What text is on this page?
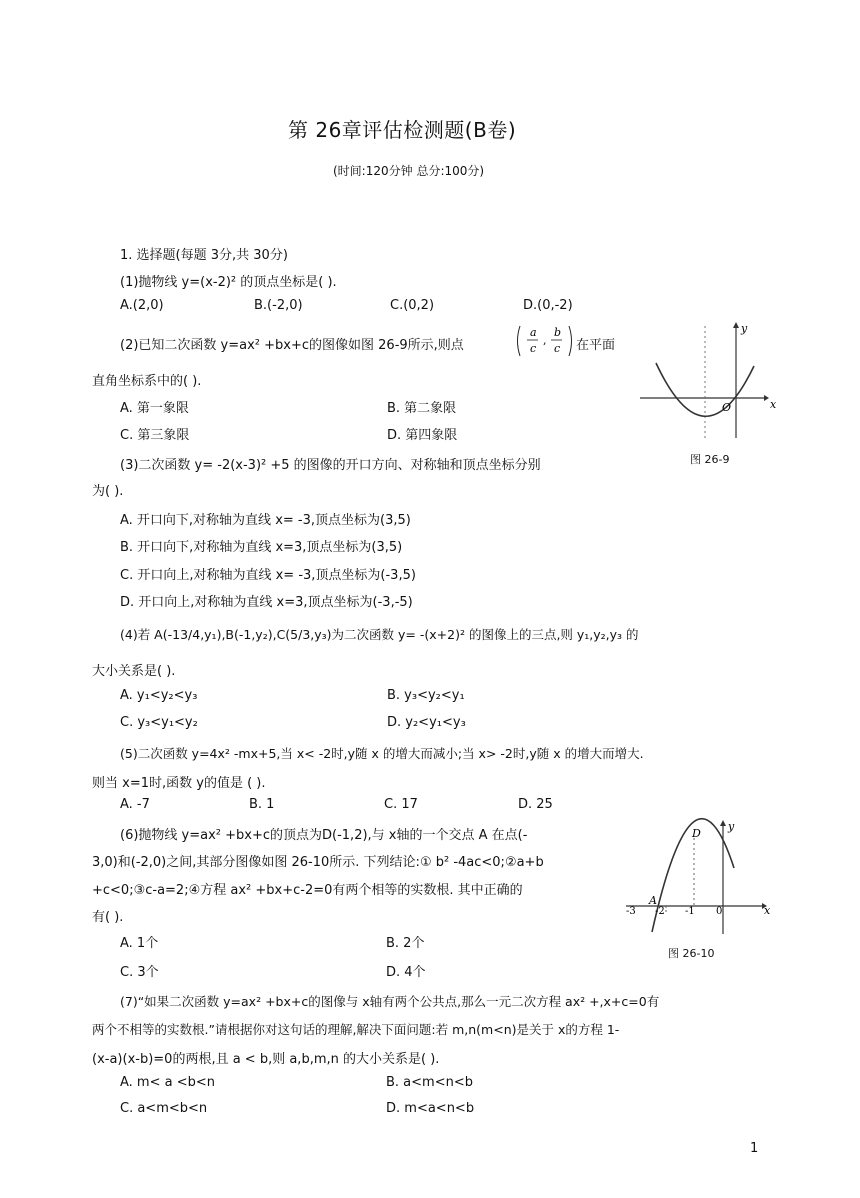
第 26章评估检测题(B卷)
(时间:120分钟 总分:100分)
1. 选择题(每题 3分,共 30分)
(1)抛物线 y=(x-2)² 的顶点坐标是( ).
A.(2,0)	B.(-2,0)	C.(0,2)	D.(0,-2)
(2)已知二次函数 y=ax² +bx+c的图像如图 26-9所示,则点
a
c
,
b
c 在平面
直角坐标系中的( ).
A. 第一象限	B. 第二象限
C. 第三象限	D. 第四象限
x
y
O
图 26-9
(3)二次函数 y= -2(x-3)² +5 的图像的开口方向、对称轴和顶点坐标分别
为( ).
A. 开口向下,对称轴为直线 x= -3,顶点坐标为(3,5)
B. 开口向下,对称轴为直线 x=3,顶点坐标为(3,5)
C. 开口向上,对称轴为直线 x= -3,顶点坐标为(-3,5)
D. 开口向上,对称轴为直线 x=3,顶点坐标为(-3,-5)
(4)若 A(-13/4,y₁),B(-1,y₂),C(5/3,y₃)为二次函数 y= -(x+2)² 的图像上的三点,则 y₁,y₂,y₃ 的
大小关系是( ).
A. y₁<y₂<y₃	B. y₃<y₂<y₁
C. y₃<y₁<y₂	D. y₂<y₁<y₃
(5)二次函数 y=4x² -mx+5,当 x< -2时,y随 x 的增大而减小;当 x> -2时,y随 x 的增大而增大.
则当 x=1时,函数 y的值是 ( ).
A. -7	B. 1	C. 17	D. 25
(6)抛物线 y=ax² +bx+c的顶点为D(-1,2),与 x轴的一个交点 A 在点(-
3,0)和(-2,0)之间,其部分图像如图 26-10所示. 下列结论:① b² -4ac<0;②a+b
+c<0;③c-a=2;④方程 ax² +bx+c-2=0有两个相等的实数根. 其中正确的
有( ).
A. 1个	B. 2个
C. 3个	D. 4个
D
A
x
y
-3 -2 -1 0
图 26-10
(7)“如果二次函数 y=ax² +bx+c的图像与 x轴有两个公共点,那么一元二次方程 ax² +,x+c=0有
两个不相等的实数根.”请根据你对这句话的理解,解决下面问题:若 m,n(m<n)是关于 x的方程 1-
(x-a)(x-b)=0的两根,且 a < b,则 a,b,m,n 的大小关系是( ).
A. m< a <b<n	B. a<m<n<b
C. a<m<b<n	D. m<a<n<b
1
